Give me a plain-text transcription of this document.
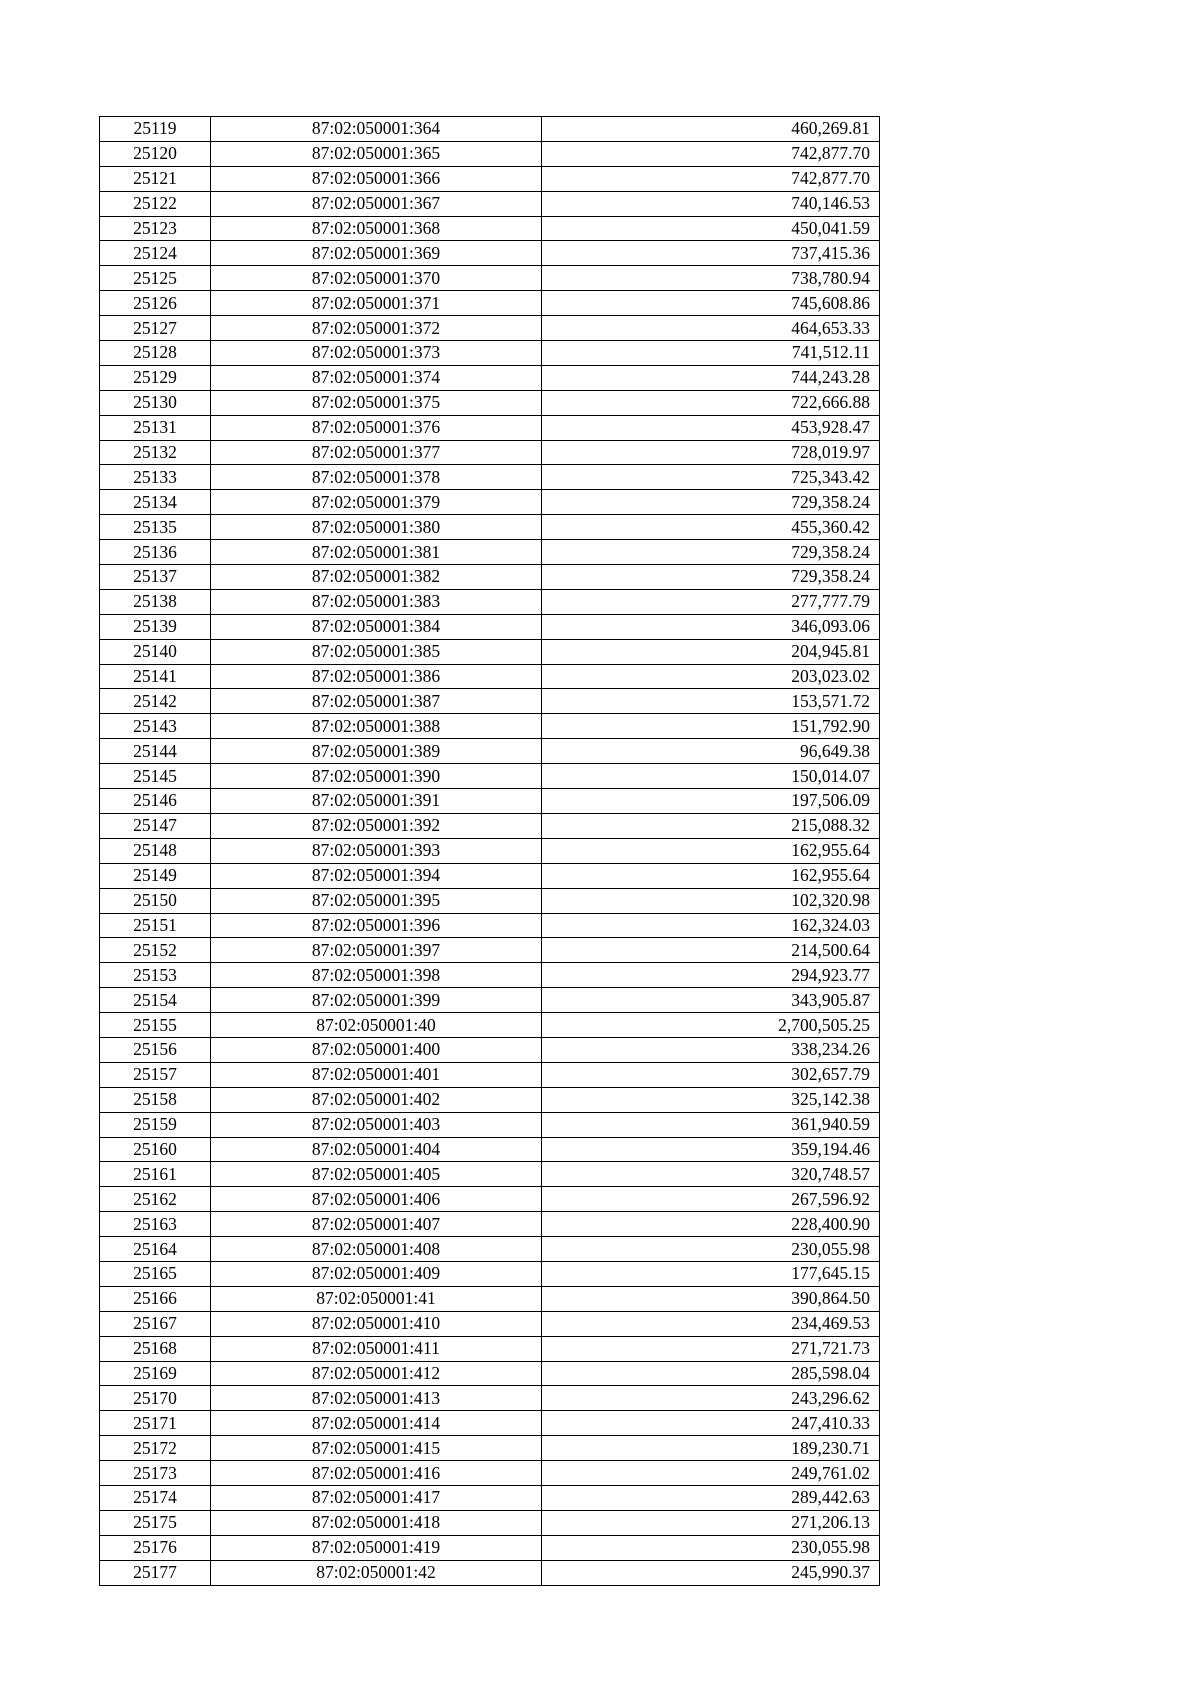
25119	87:02:050001:364	460,269.81
25120	87:02:050001:365	742,877.70
25121	87:02:050001:366	742,877.70
25122	87:02:050001:367	740,146.53
25123	87:02:050001:368	450,041.59
25124	87:02:050001:369	737,415.36
25125	87:02:050001:370	738,780.94
25126	87:02:050001:371	745,608.86
25127	87:02:050001:372	464,653.33
25128	87:02:050001:373	741,512.11
25129	87:02:050001:374	744,243.28
25130	87:02:050001:375	722,666.88
25131	87:02:050001:376	453,928.47
25132	87:02:050001:377	728,019.97
25133	87:02:050001:378	725,343.42
25134	87:02:050001:379	729,358.24
25135	87:02:050001:380	455,360.42
25136	87:02:050001:381	729,358.24
25137	87:02:050001:382	729,358.24
25138	87:02:050001:383	277,777.79
25139	87:02:050001:384	346,093.06
25140	87:02:050001:385	204,945.81
25141	87:02:050001:386	203,023.02
25142	87:02:050001:387	153,571.72
25143	87:02:050001:388	151,792.90
25144	87:02:050001:389	96,649.38
25145	87:02:050001:390	150,014.07
25146	87:02:050001:391	197,506.09
25147	87:02:050001:392	215,088.32
25148	87:02:050001:393	162,955.64
25149	87:02:050001:394	162,955.64
25150	87:02:050001:395	102,320.98
25151	87:02:050001:396	162,324.03
25152	87:02:050001:397	214,500.64
25153	87:02:050001:398	294,923.77
25154	87:02:050001:399	343,905.87
25155	87:02:050001:40	2,700,505.25
25156	87:02:050001:400	338,234.26
25157	87:02:050001:401	302,657.79
25158	87:02:050001:402	325,142.38
25159	87:02:050001:403	361,940.59
25160	87:02:050001:404	359,194.46
25161	87:02:050001:405	320,748.57
25162	87:02:050001:406	267,596.92
25163	87:02:050001:407	228,400.90
25164	87:02:050001:408	230,055.98
25165	87:02:050001:409	177,645.15
25166	87:02:050001:41	390,864.50
25167	87:02:050001:410	234,469.53
25168	87:02:050001:411	271,721.73
25169	87:02:050001:412	285,598.04
25170	87:02:050001:413	243,296.62
25171	87:02:050001:414	247,410.33
25172	87:02:050001:415	189,230.71
25173	87:02:050001:416	249,761.02
25174	87:02:050001:417	289,442.63
25175	87:02:050001:418	271,206.13
25176	87:02:050001:419	230,055.98
25177	87:02:050001:42	245,990.37
